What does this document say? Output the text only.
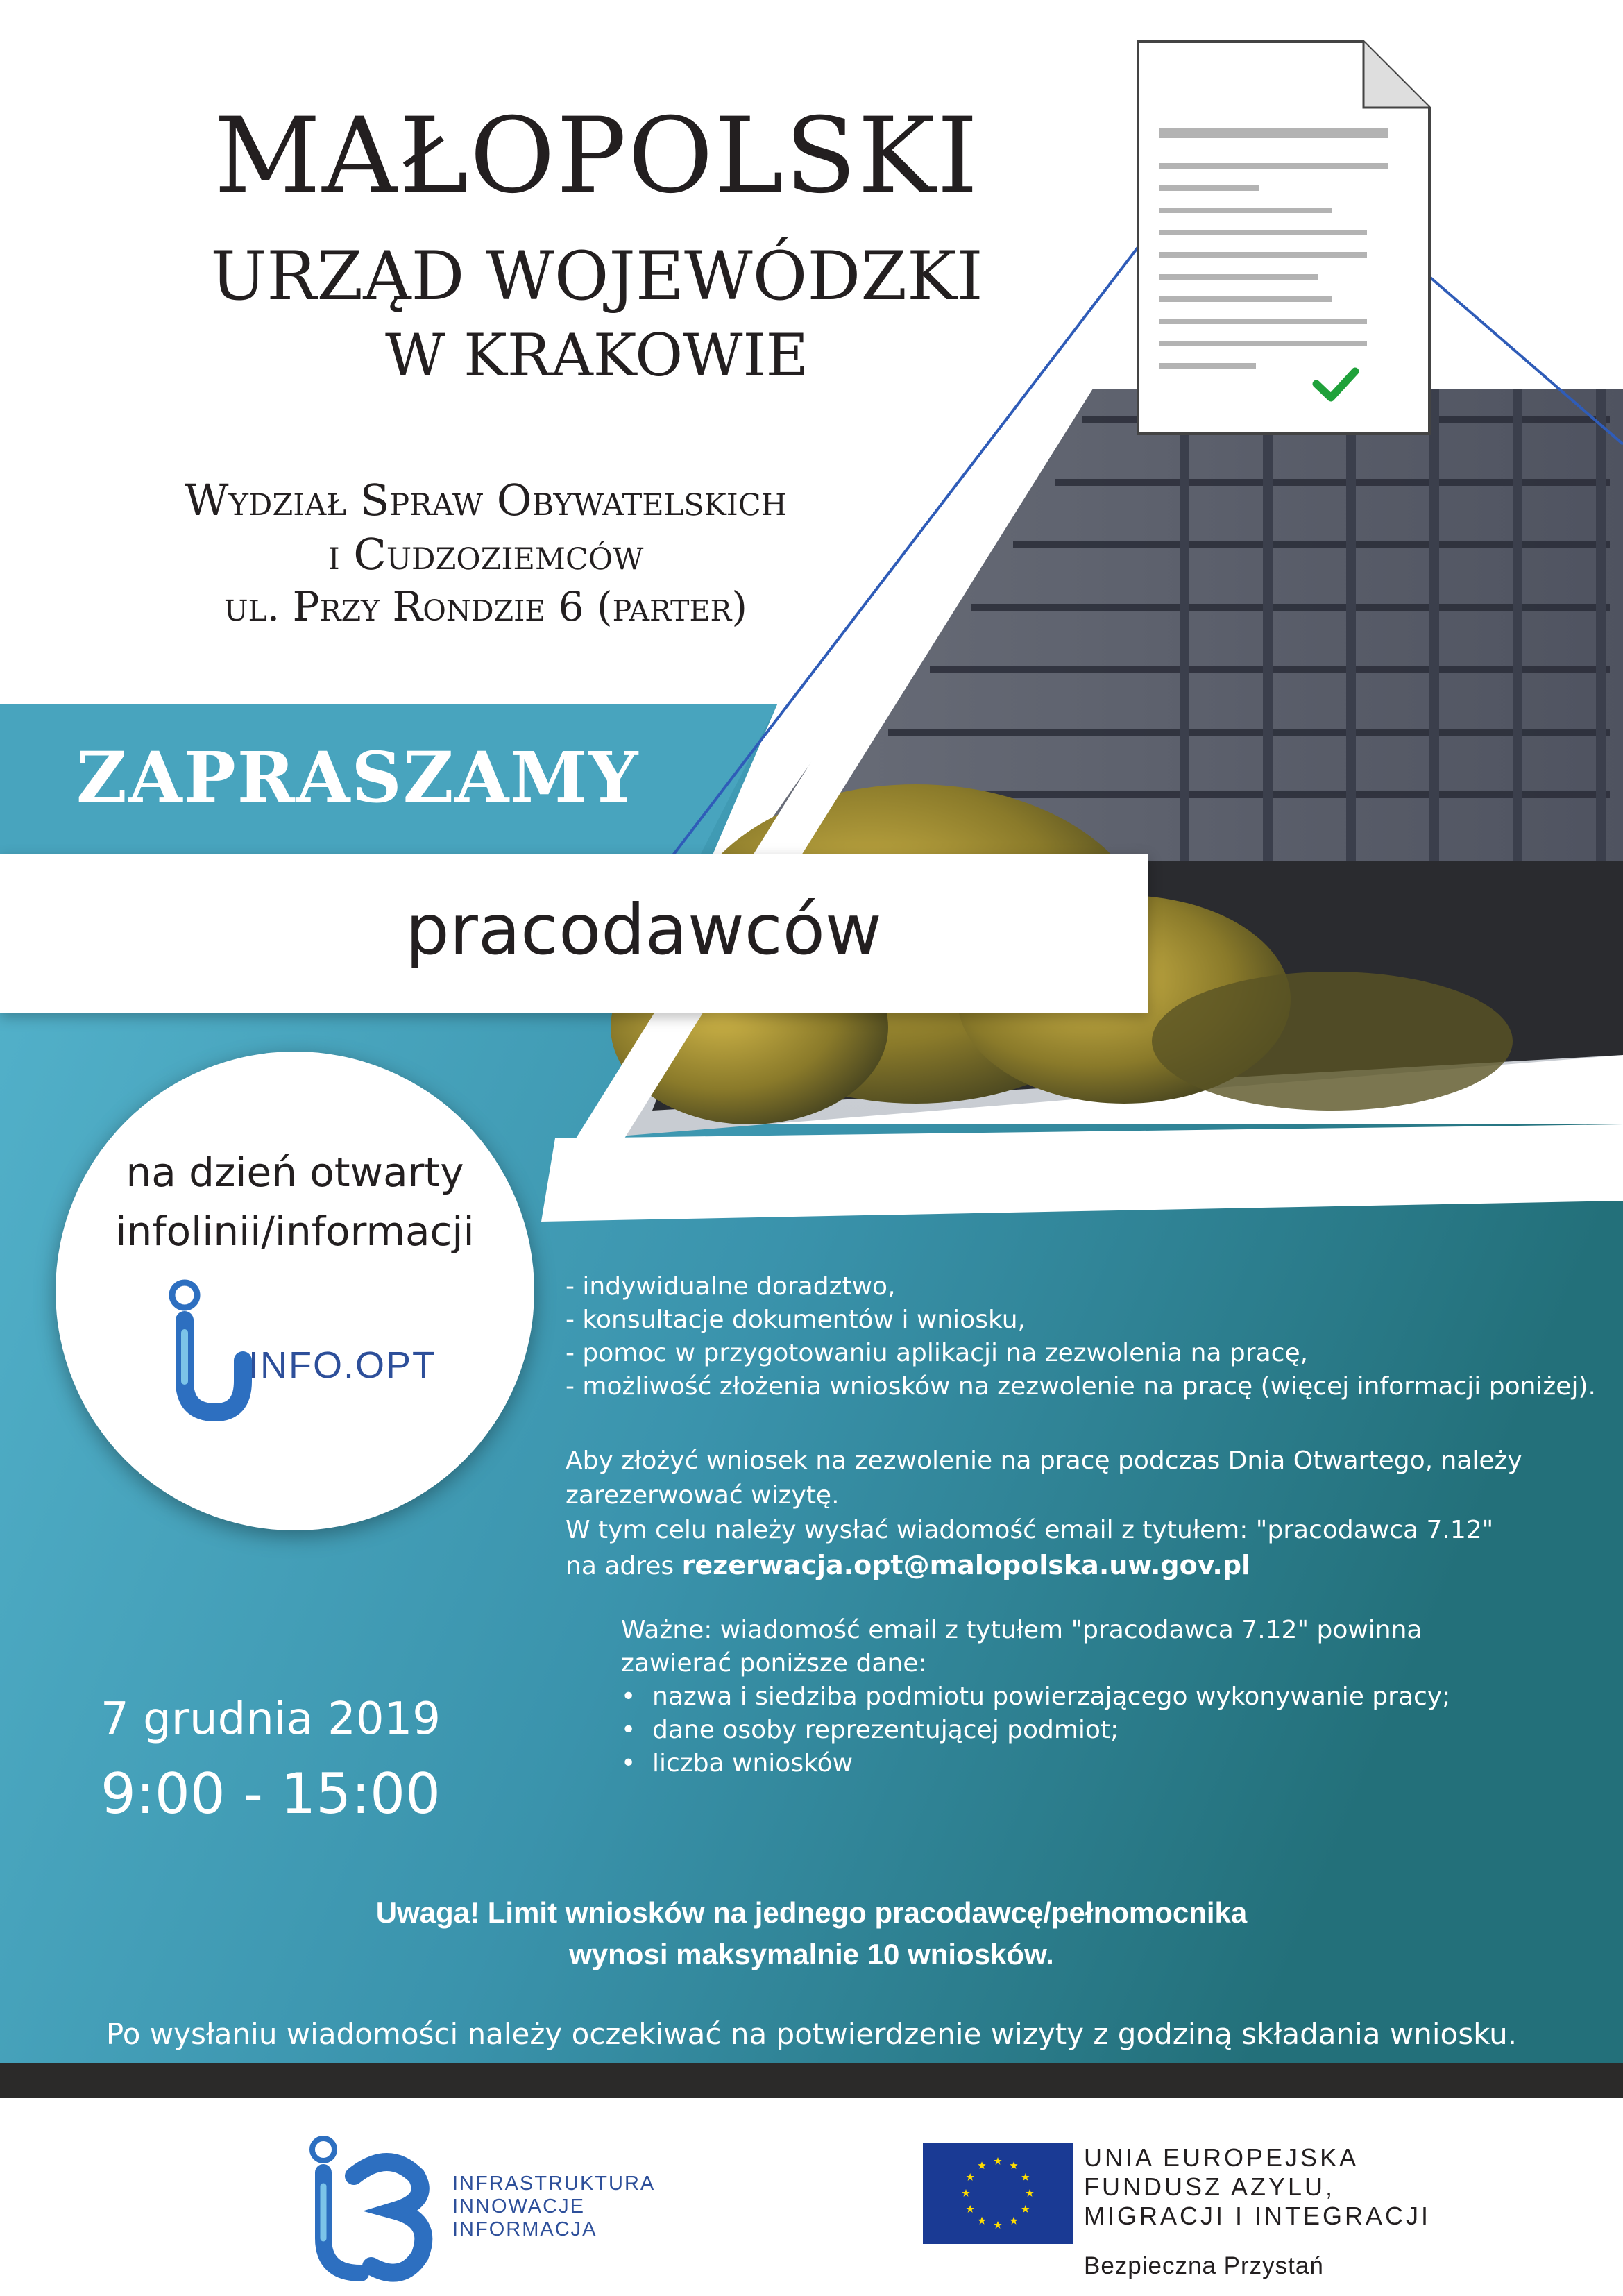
MAŁOPOLSKI
URZĄD WOJEWÓDZKI
W KRAKOWIE
Wydział Spraw Obywatelskich
i Cudzoziemców
ul. Przy Rondzie 6 (parter)
ZAPRASZAMY
pracodawców
na dzień otwarty
infolinii/informacji
INFO.OPT
- indywidualne doradztwo,
- konsultacje dokumentów i wniosku,
- pomoc w przygotowaniu aplikacji na zezwolenia na pracę,
- możliwość złożenia wniosków na zezwolenie na pracę (więcej informacji poniżej).
Aby złożyć wniosek na zezwolenie na pracę podczas Dnia Otwartego, należy
zarezerwować wizytę.
W tym celu należy wysłać wiadomość email z tytułem: "pracodawca 7.12"
na adres rezerwacja.opt@malopolska.uw.gov.pl
Ważne: wiadomość email z tytułem "pracodawca 7.12" powinna
zawierać poniższe dane:
• nazwa i siedziba podmiotu powierzającego wykonywanie pracy;
• dane osoby reprezentującej podmiot;
• liczba wniosków
7 grudnia 2019
9:00 - 15:00
Uwaga! Limit wniosków na jednego pracodawcę/pełnomocnika
wynosi maksymalnie 10 wniosków.
Po wysłaniu wiadomości należy oczekiwać na potwierdzenie wizyty z godziną składania wniosku.
INFRASTRUKTURA
INNOWACJE
INFORMACJA
UNIA EUROPEJSKA
FUNDUSZ AZYLU,
MIGRACJI I INTEGRACJI
Bezpieczna Przystań
